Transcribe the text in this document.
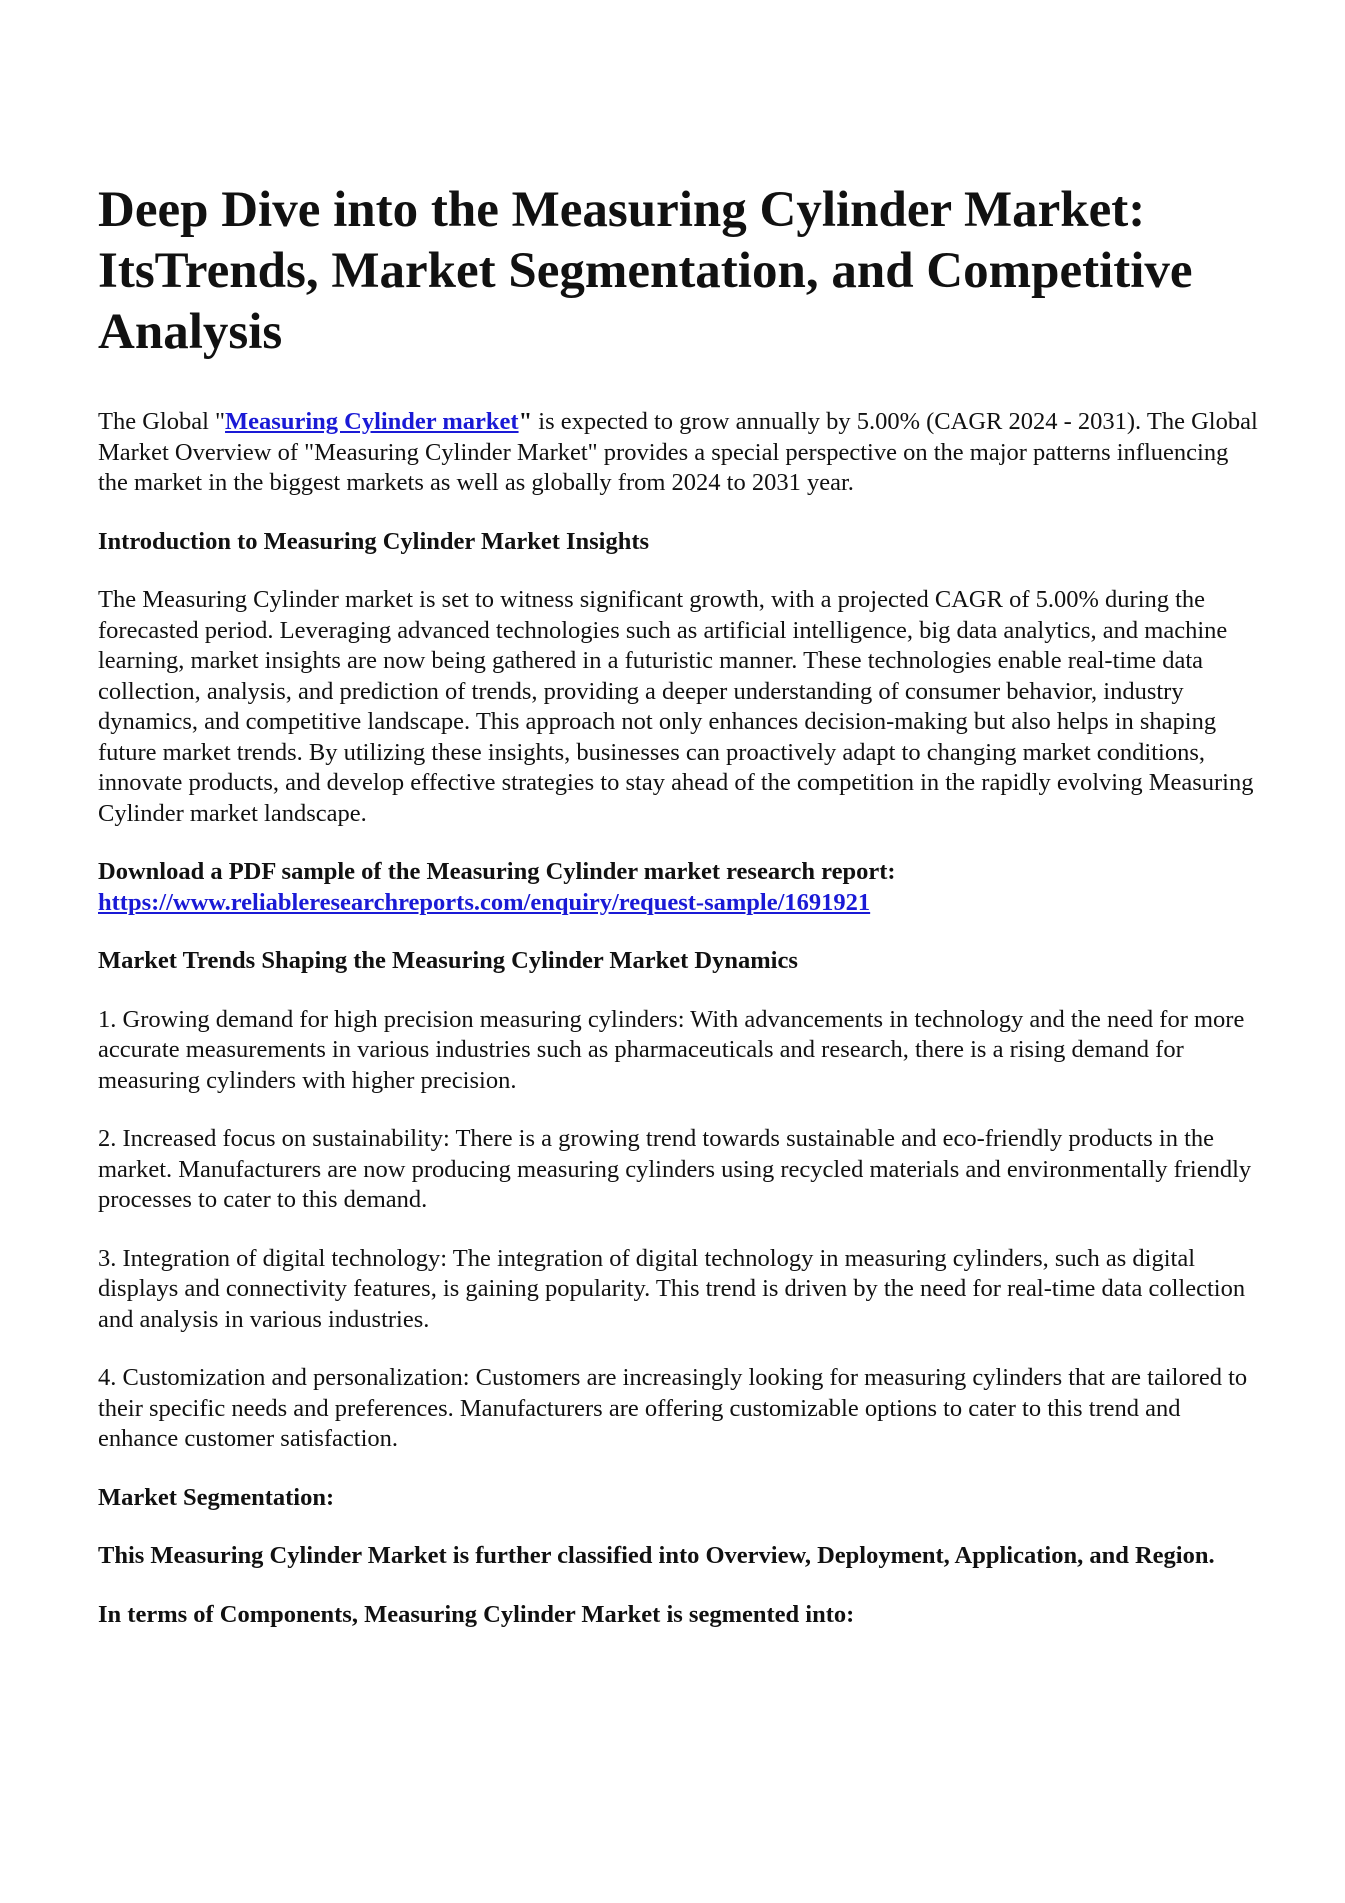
Deep Dive into the Measuring Cylinder Market: ItsTrends, Market Segmentation, and Competitive Analysis

The Global "Measuring Cylinder market" is expected to grow annually by 5.00% (CAGR 2024 - 2031). The Global Market Overview of "Measuring Cylinder Market" provides a special perspective on the major patterns influencing the market in the biggest markets as well as globally from 2024 to 2031 year.

Introduction to Measuring Cylinder Market Insights

The Measuring Cylinder market is set to witness significant growth, with a projected CAGR of 5.00% during the forecasted period. Leveraging advanced technologies such as artificial intelligence, big data analytics, and machine learning, market insights are now being gathered in a futuristic manner. These technologies enable real-time data collection, analysis, and prediction of trends, providing a deeper understanding of consumer behavior, industry dynamics, and competitive landscape. This approach not only enhances decision-making but also helps in shaping future market trends. By utilizing these insights, businesses can proactively adapt to changing market conditions, innovate products, and develop effective strategies to stay ahead of the competition in the rapidly evolving Measuring Cylinder market landscape.

Download a PDF sample of the Measuring Cylinder market research report:
https://www.reliableresearchreports.com/enquiry/request-sample/1691921

Market Trends Shaping the Measuring Cylinder Market Dynamics

1. Growing demand for high precision measuring cylinders: With advancements in technology and the need for more accurate measurements in various industries such as pharmaceuticals and research, there is a rising demand for measuring cylinders with higher precision.

2. Increased focus on sustainability: There is a growing trend towards sustainable and eco-friendly products in the market. Manufacturers are now producing measuring cylinders using recycled materials and environmentally friendly processes to cater to this demand.

3. Integration of digital technology: The integration of digital technology in measuring cylinders, such as digital displays and connectivity features, is gaining popularity. This trend is driven by the need for real-time data collection and analysis in various industries.

4. Customization and personalization: Customers are increasingly looking for measuring cylinders that are tailored to their specific needs and preferences. Manufacturers are offering customizable options to cater to this trend and enhance customer satisfaction.

Market Segmentation:

This Measuring Cylinder Market is further classified into Overview, Deployment, Application, and Region.

In terms of Components, Measuring Cylinder Market is segmented into:
